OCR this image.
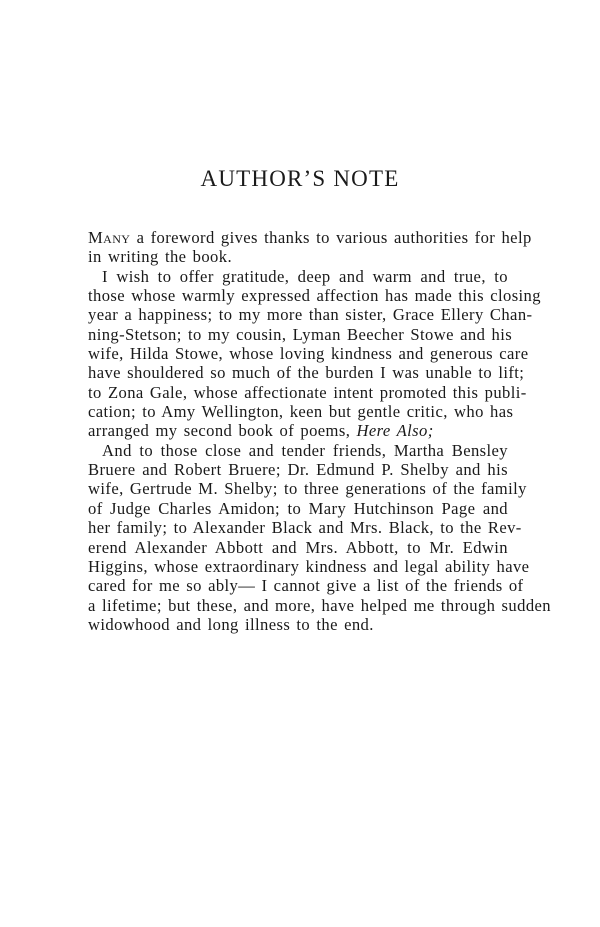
AUTHOR’S NOTE
Many a foreword gives thanks to various authorities for help
in writing the book.
I wish to offer gratitude, deep and warm and true, to
those whose warmly expressed affection has made this closing
year a happiness; to my more than sister, Grace Ellery Chan-
ning-Stetson; to my cousin, Lyman Beecher Stowe and his
wife, Hilda Stowe, whose loving kindness and generous care
have shouldered so much of the burden I was unable to lift;
to Zona Gale, whose affectionate intent promoted this publi-
cation; to Amy Wellington, keen but gentle critic, who has
arranged my second book of poems, Here Also;
And to those close and tender friends, Martha Bensley
Bruere and Robert Bruere; Dr. Edmund P. Shelby and his
wife, Gertrude M. Shelby; to three generations of the family
of Judge Charles Amidon; to Mary Hutchinson Page and
her family; to Alexander Black and Mrs. Black, to the Rev-
erend Alexander Abbott and Mrs. Abbott, to Mr. Edwin
Higgins, whose extraordinary kindness and legal ability have
cared for me so ably— I cannot give a list of the friends of
a lifetime; but these, and more, have helped me through sudden
widowhood and long illness to the end.
